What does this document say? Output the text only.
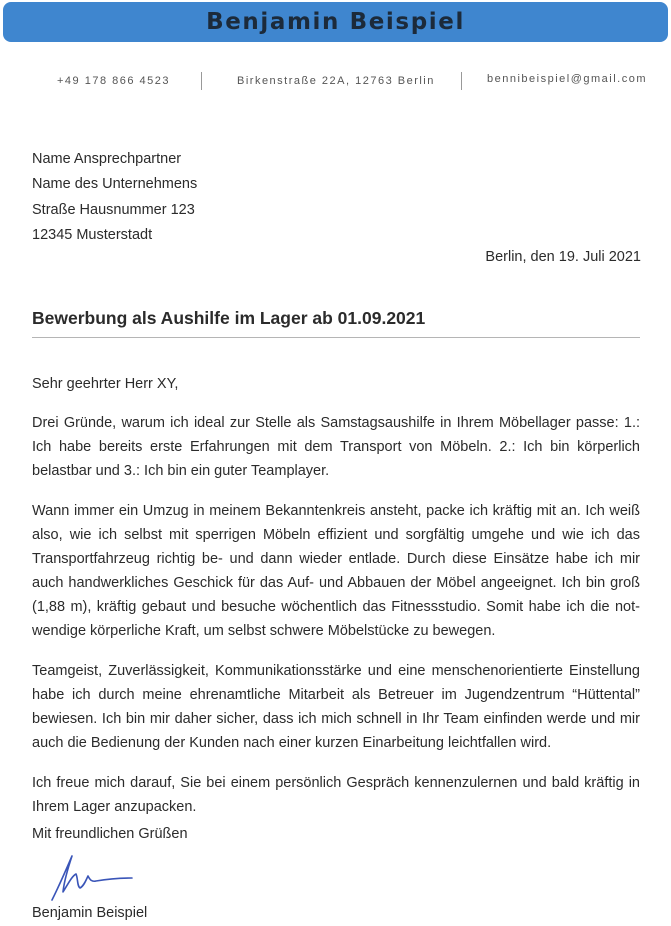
Benjamin Beispiel
+49 178 866 4523	Birkenstraße 22A, 12763 Berlin	bennibeispiel@gmail.com
Name Ansprechpartner
Name des Unternehmens
Straße Hausnummer 123
12345 Musterstadt
Berlin, den 19. Juli 2021
Bewerbung als Aushilfe im Lager ab 01.09.2021

Sehr geehrter Herr XY,

Drei Gründe, warum ich ideal zur Stelle als Samstagsaushilfe in Ihrem Möbellager passe: 1.: Ich habe bereits erste Erfahrungen mit dem Transport von Möbeln. 2.: Ich bin körperlich belastbar und 3.: Ich bin ein guter Teamplayer.

Wann immer ein Umzug in meinem Bekanntenkreis ansteht, packe ich kräftig mit an. Ich weiß also, wie ich selbst mit sperrigen Möbeln effizient und sorgfältig umgehe und wie ich das Transportfahrzeug richtig be- und dann wieder entlade. Durch diese Einsätze habe ich mir auch handwerkliches Geschick für das Auf- und Abbauen der Möbel angeeignet. Ich bin groß (1,88 m), kräftig gebaut und besuche wöchentlich das Fitnessstudio. Somit habe ich die notwendige körperliche Kraft, um selbst schwere Möbelstücke zu bewegen.

Teamgeist, Zuverlässigkeit, Kommunikationsstärke und eine menschenorientierte Einstellung habe ich durch meine ehrenamtliche Mitarbeit als Betreuer im Jugendzentrum “Hüttental” bewiesen. Ich bin mir daher sicher, dass ich mich schnell in Ihr Team einfinden werde und mir auch die Bedienung der Kunden nach einer kurzen Einarbeitung leichtfallen wird.

Ich freue mich darauf, Sie bei einem persönlich Gespräch kennenzulernen und bald kräftig in Ihrem Lager anzupacken.

Mit freundlichen Grüßen
Benjamin Beispiel
